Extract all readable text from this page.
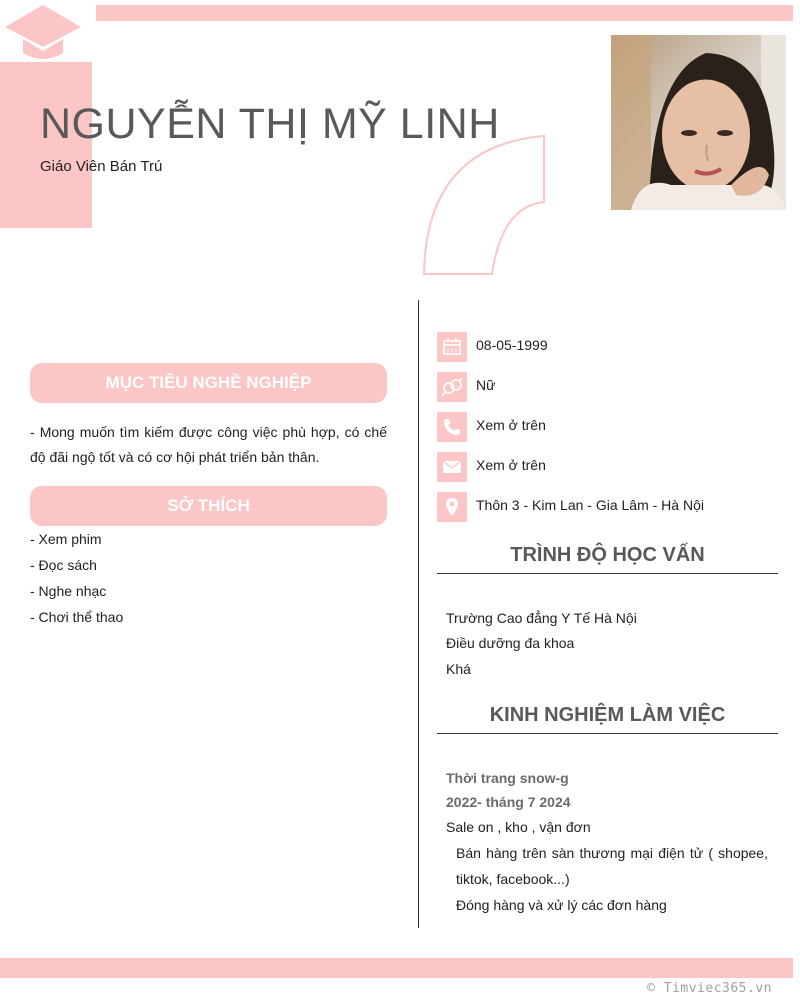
NGUYỄN THỊ MỸ LINH
Giáo Viên Bán Trú
MỤC TIÊU NGHỀ NGHIỆP
- Mong muốn tìm kiếm được công việc phù hợp, có chế độ đãi ngộ tốt và có cơ hội phát triển bản thân.
SỞ THÍCH
- Xem phim
- Đọc sách
- Nghe nhạc
- Chơi thể thao
08-05-1999
Nữ
Xem ở trên
Xem ở trên
Thôn 3 - Kim Lan - Gia Lâm - Hà Nội
TRÌNH ĐỘ HỌC VẤN
Trường Cao đẳng Y Tế Hà Nội
Điều dưỡng đa khoa
Khá
KINH NGHIỆM LÀM VIỆC
Thời trang snow-g
2022- tháng 7 2024
Sale on , kho , vận đơn
Bán hàng trên sàn thương mại điện tử ( shopee, tiktok, facebook...)
Đóng hàng và xử lý các đơn hàng
© Timviec365.vn
